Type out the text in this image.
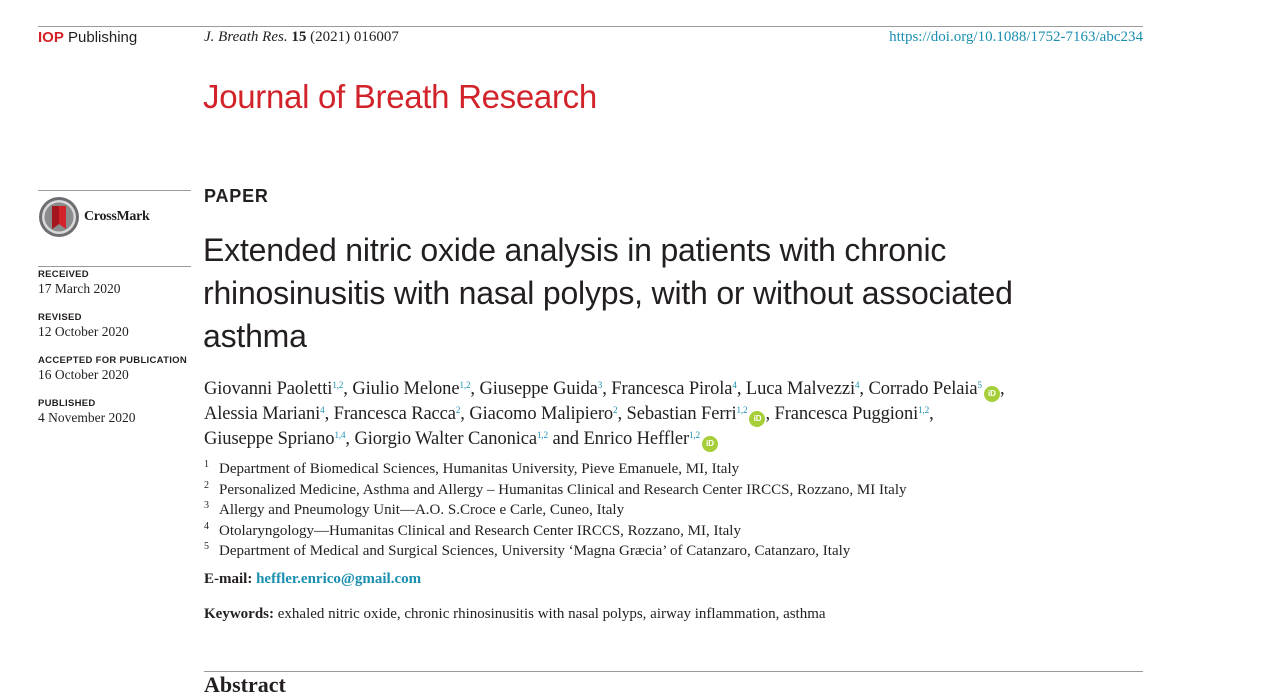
IOP Publishing	J. Breath Res. 15 (2021) 016007	https://doi.org/10.1088/1752-7163/abc234
Journal of Breath Research
CrossMark
RECEIVED
17 March 2020
REVISED
12 October 2020
ACCEPTED FOR PUBLICATION
16 October 2020
PUBLISHED
4 November 2020
PAPER
Extended nitric oxide analysis in patients with chronic rhinosinusitis with nasal polyps, with or without associated asthma
Giovanni Paoletti$^{1,2}$, Giulio Melone$^{1,2}$, Giuseppe Guida$^3$, Francesca Pirola$^4$, Luca Malvezzi$^4$, Corrado Pelaia$^5$iD ,
Alessia Mariani$^4$, Francesca Racca$^2$, Giacomo Malipiero$^2$, Sebastian Ferri$^{1,2}$iD , Francesca Puggioni$^{1,2}$,
Giuseppe Spriano$^{1,4}$, Giorgio Walter Canonica$^{1,2}$ and Enrico Heffler$^{1,2}$iD
1 Department of Biomedical Sciences, Humanitas University, Pieve Emanuele, MI, Italy
2 Personalized Medicine, Asthma and Allergy – Humanitas Clinical and Research Center IRCCS, Rozzano, MI Italy
3 Allergy and Pneumology Unit—A.O. S.Croce e Carle, Cuneo, Italy
4 Otolaryngology—Humanitas Clinical and Research Center IRCCS, Rozzano, MI, Italy
5 Department of Medical and Surgical Sciences, University ‘Magna Græcia’ of Catanzaro, Catanzaro, Italy
E-mail: heffler.enrico@gmail.com
Keywords: exhaled nitric oxide, chronic rhinosinusitis with nasal polyps, airway inflammation, asthma
Abstract
